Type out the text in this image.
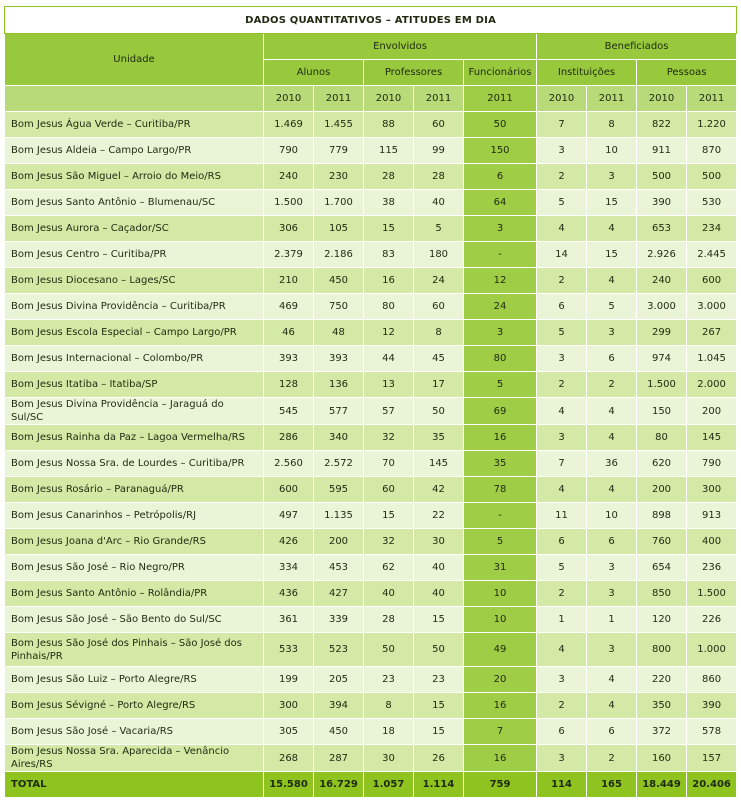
DADOS QUANTITATIVOS – ATITUDES EM DIA									
Unidade	Envolvidos					Beneficiados			
	Alunos		Professores		Funcionários	Instituições		Pessoas	
	2010	2011	2010	2011	2011	2010	2011	2010	2011
Bom Jesus Água Verde – Curitiba/PR	1.469	1.455	88	60	50	7	8	822	1.220
Bom Jesus Aldeia – Campo Largo/PR	790	779	115	99	150	3	10	911	870
Bom Jesus São Miguel – Arroio do Meio/RS	240	230	28	28	6	2	3	500	500
Bom Jesus Santo Antônio – Blumenau/SC	1.500	1.700	38	40	64	5	15	390	530
Bom Jesus Aurora – Caçador/SC	306	105	15	5	3	4	4	653	234
Bom Jesus Centro – Curitiba/PR	2.379	2.186	83	180	-	14	15	2.926	2.445
Bom Jesus Diocesano – Lages/SC	210	450	16	24	12	2	4	240	600
Bom Jesus Divina Providência – Curitiba/PR	469	750	80	60	24	6	5	3.000	3.000
Bom Jesus Escola Especial – Campo Largo/PR	46	48	12	8	3	5	3	299	267
Bom Jesus Internacional – Colombo/PR	393	393	44	45	80	3	6	974	1.045
Bom Jesus Itatiba – Itatiba/SP	128	136	13	17	5	2	2	1.500	2.000
Bom Jesus Divina Providência – Jaraguá do Sul/SC	545	577	57	50	69	4	4	150	200
Bom Jesus Rainha da Paz – Lagoa Vermelha/RS	286	340	32	35	16	3	4	80	145
Bom Jesus Nossa Sra. de Lourdes – Curitiba/PR	2.560	2.572	70	145	35	7	36	620	790
Bom Jesus Rosário – Paranaguá/PR	600	595	60	42	78	4	4	200	300
Bom Jesus Canarinhos – Petrópolis/RJ	497	1.135	15	22	-	11	10	898	913
Bom Jesus Joana d'Arc – Rio Grande/RS	426	200	32	30	5	6	6	760	400
Bom Jesus São José – Rio Negro/PR	334	453	62	40	31	5	3	654	236
Bom Jesus Santo Antônio – Rolândia/PR	436	427	40	40	10	2	3	850	1.500
Bom Jesus São José – São Bento do Sul/SC	361	339	28	15	10	1	1	120	226
Bom Jesus São José dos Pinhais – São José dos Pinhais/PR	533	523	50	50	49	4	3	800	1.000
Bom Jesus São Luiz – Porto Alegre/RS	199	205	23	23	20	3	4	220	860
Bom Jesus Sévigné – Porto Alegre/RS	300	394	8	15	16	2	4	350	390
Bom Jesus São José – Vacaria/RS	305	450	18	15	7	6	6	372	578
Bom Jesus Nossa Sra. Aparecida – Venâncio Aires/RS	268	287	30	26	16	3	2	160	157
TOTAL	15.580	16.729	1.057	1.114	759	114	165	18.449	20.406
